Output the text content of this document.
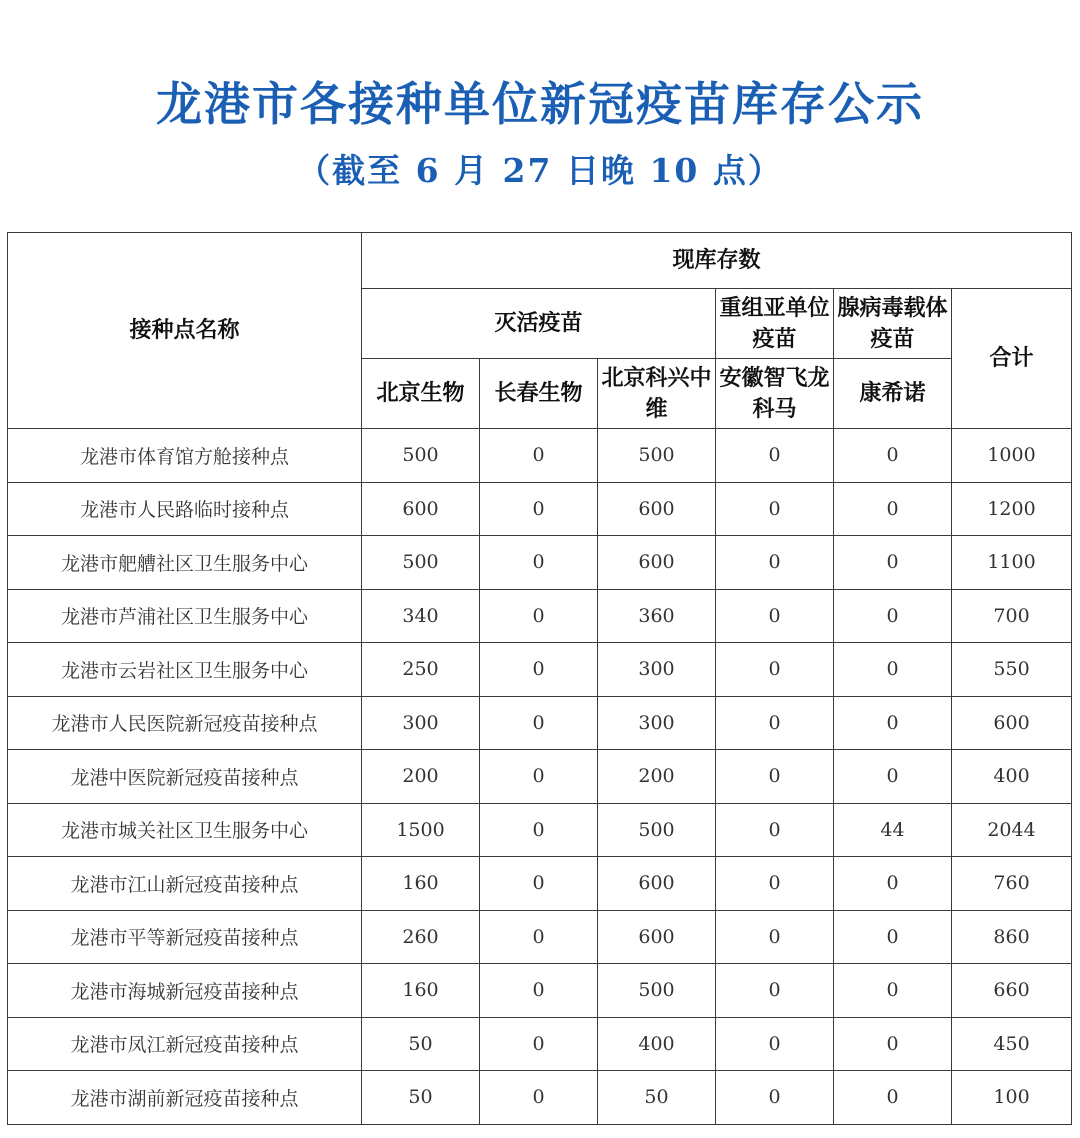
龙港市各接种单位新冠疫苗库存公示
（截至 6 月 27 日晚 10 点）
接种点名称	现库存数					
	灭活疫苗			重组亚单位疫苗	腺病毒载体疫苗	合计
	北京生物	长春生物	北京科兴中维	安徽智飞龙科马	康希诺	
龙港市体育馆方舱接种点	500	0	500	0	0	1000
龙港市人民路临时接种点	600	0	600	0	0	1200
龙港市舥艚社区卫生服务中心	500	0	600	0	0	1100
龙港市芦浦社区卫生服务中心	340	0	360	0	0	700
龙港市云岩社区卫生服务中心	250	0	300	0	0	550
龙港市人民医院新冠疫苗接种点	300	0	300	0	0	600
龙港中医院新冠疫苗接种点	200	0	200	0	0	400
龙港市城关社区卫生服务中心	1500	0	500	0	44	2044
龙港市江山新冠疫苗接种点	160	0	600	0	0	760
龙港市平等新冠疫苗接种点	260	0	600	0	0	860
龙港市海城新冠疫苗接种点	160	0	500	0	0	660
龙港市凤江新冠疫苗接种点	50	0	400	0	0	450
龙港市湖前新冠疫苗接种点	50	0	50	0	0	100
